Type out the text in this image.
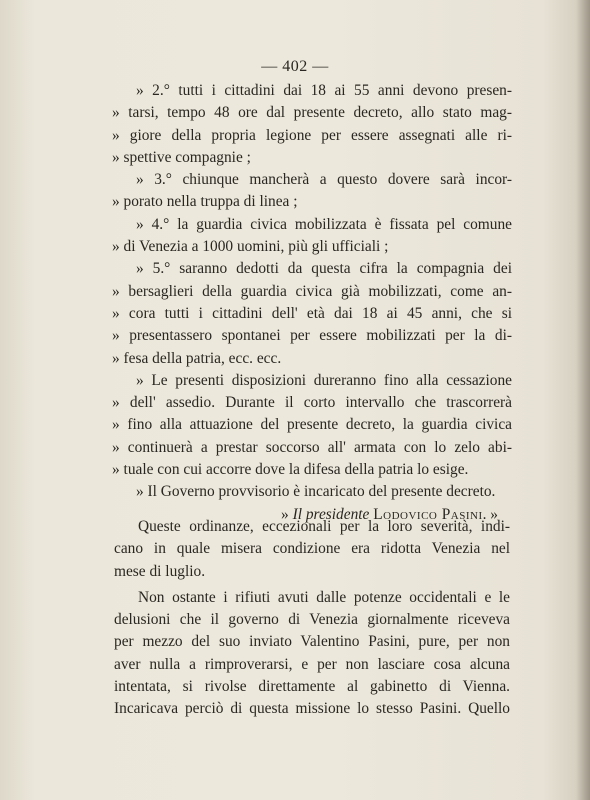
— 402 —
» 2.° tutti i cittadini dai 18 ai 55 anni devono presen-
» tarsi, tempo 48 ore dal presente decreto, allo stato mag-
» giore della propria legione per essere assegnati alle ri-
» spettive compagnie ;
» 3.° chiunque mancherà a questo dovere sarà incor-
» porato nella truppa di linea ;
» 4.° la guardia civica mobilizzata è fissata pel comune
» di Venezia a 1000 uomini, più gli ufficiali ;
» 5.° saranno dedotti da questa cifra la compagnia dei
» bersaglieri della guardia civica già mobilizzati, come an-
» cora tutti i cittadini dell' età dai 18 ai 45 anni, che si
» presentassero spontanei per essere mobilizzati per la di-
» fesa della patria, ecc. ecc.
» Le presenti disposizioni dureranno fino alla cessazione
» dell' assedio. Durante il corto intervallo che trascorrerà
» fino alla attuazione del presente decreto, la guardia civica
» continuerà a prestar soccorso all' armata con lo zelo abi-
» tuale con cui accorre dove la difesa della patria lo esige.
» Il Governo provvisorio è incaricato del presente decreto.
» Il presidente Lodovico Pasini. »
Queste ordinanze, eccezionali per la loro severità, indi-
cano in quale misera condizione era ridotta Venezia nel
mese di luglio.
Non ostante i rifiuti avuti dalle potenze occidentali e le
delusioni che il governo di Venezia giornalmente riceveva
per mezzo del suo inviato Valentino Pasini, pure, per non
aver nulla a rimproverarsi, e per non lasciare cosa alcuna
intentata, si rivolse direttamente al gabinetto di Vienna.
Incaricava perciò di questa missione lo stesso Pasini. Quello
